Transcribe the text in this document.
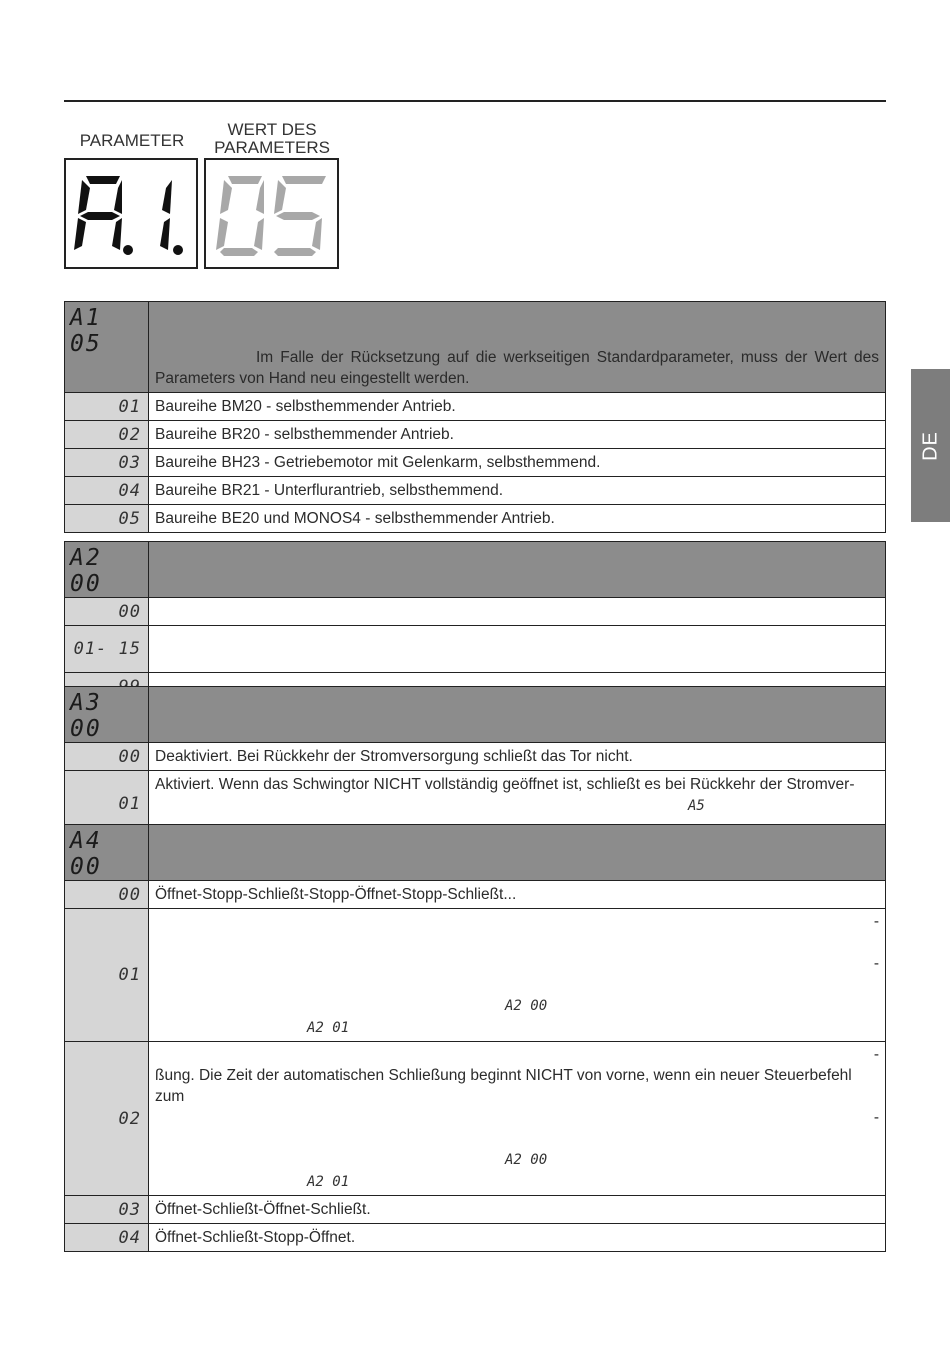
PARAMETER
WERT DES
PARAMETERS
DE
A1 05	Im Falle der Rücksetzung auf die werkseitigen Standardparameter, muss der Wert des Parameters von Hand neu eingestellt werden.

01	Baureihe BM20 - selbsthemmender Antrieb.
02	Baureihe BR20 - selbsthemmender Antrieb.
03	Baureihe BH23 - Getriebemotor mit Gelenkarm, selbsthemmend.
04	Baureihe BR21 - Unterflurantrieb, selbsthemmend.
05	Baureihe BE20 und MONOS4 - selbsthemmender Antrieb.
A2 00	
00	
01- 15	

A3 00	
00	Deaktiviert. Bei Rückkehr der Stromversorgung schließt das Tor nicht.
01	Aktiviert. Wenn das Schwingtor NICHT vollständig geöffnet ist, schließt es bei Rückkehr der Stromver-
A5
A4 00	
00	Öffnet-Stopp-Schließt-Stopp-Öffnet-Stopp-Schließt...
01	-
-
A2 00
A2 01

02	-
ßung. Die Zeit der automatischen Schließung beginnt NICHT von vorne, wenn ein neuer Steuerbefehl zum
-
A2 00
A2 01

03	Öffnet-Schließt-Öffnet-Schließt.
04	Öffnet-Schließt-Stopp-Öffnet.
